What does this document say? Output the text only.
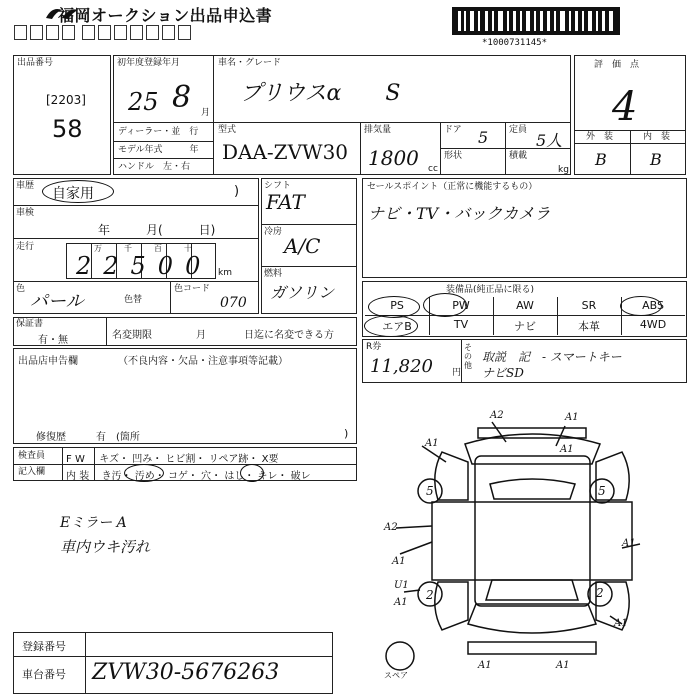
福岡オークション出品申込書
*1000731145*
出品番号
[2203]
58
初年度登録年月
25 8 月
ディーラー・並　行
モデル年式　　　年
ハンドル　左・右
車名・グレード
プリウスα　　S
型式
DAA-ZVW30
排気量
1800 cc
ドア 5 定員
5人
形状	積載
kg
評　価　点
4
外　装	内　装
B	B
車歴 自家用	)
車検
年　　　月(　　　日)
走行	万　千　百　十
22500 km
色
パール	色替
色コード
070
シフト
FAT
冷房
A/C
燃料
ガソリン
セールスポイント（正常に機能するもの）
ナビ・TV・バックカメラ
装備品(純正品に限る)
PS	PW	AW	SR	ABS
エアB	TV	ナビ	本革	4WD
保証書
有・無	名変期限	月	日迄に名変できる方
R券
11,820 円
その他
取説　記　- スマートキー
ナビSD
出品店申告欄	（不良内容・欠品・注意事項等記載）
修復歴	有　(箇所	)
検査員
記入欄
F W キズ・ 凹み・ ヒビ割・ リペア跡・ X要
内 装 き汚・ 汚め・ コゲ・ 穴・ はし・ キレ・ 破レ
Eミラー A
車内ウキ汚れ
A2	A1
A1
A1
A2
A1
A1
U1
A1
A1
A1	A1
5	5
2	2
スペア
登録番号
車台番号 ZVW30-5676263
